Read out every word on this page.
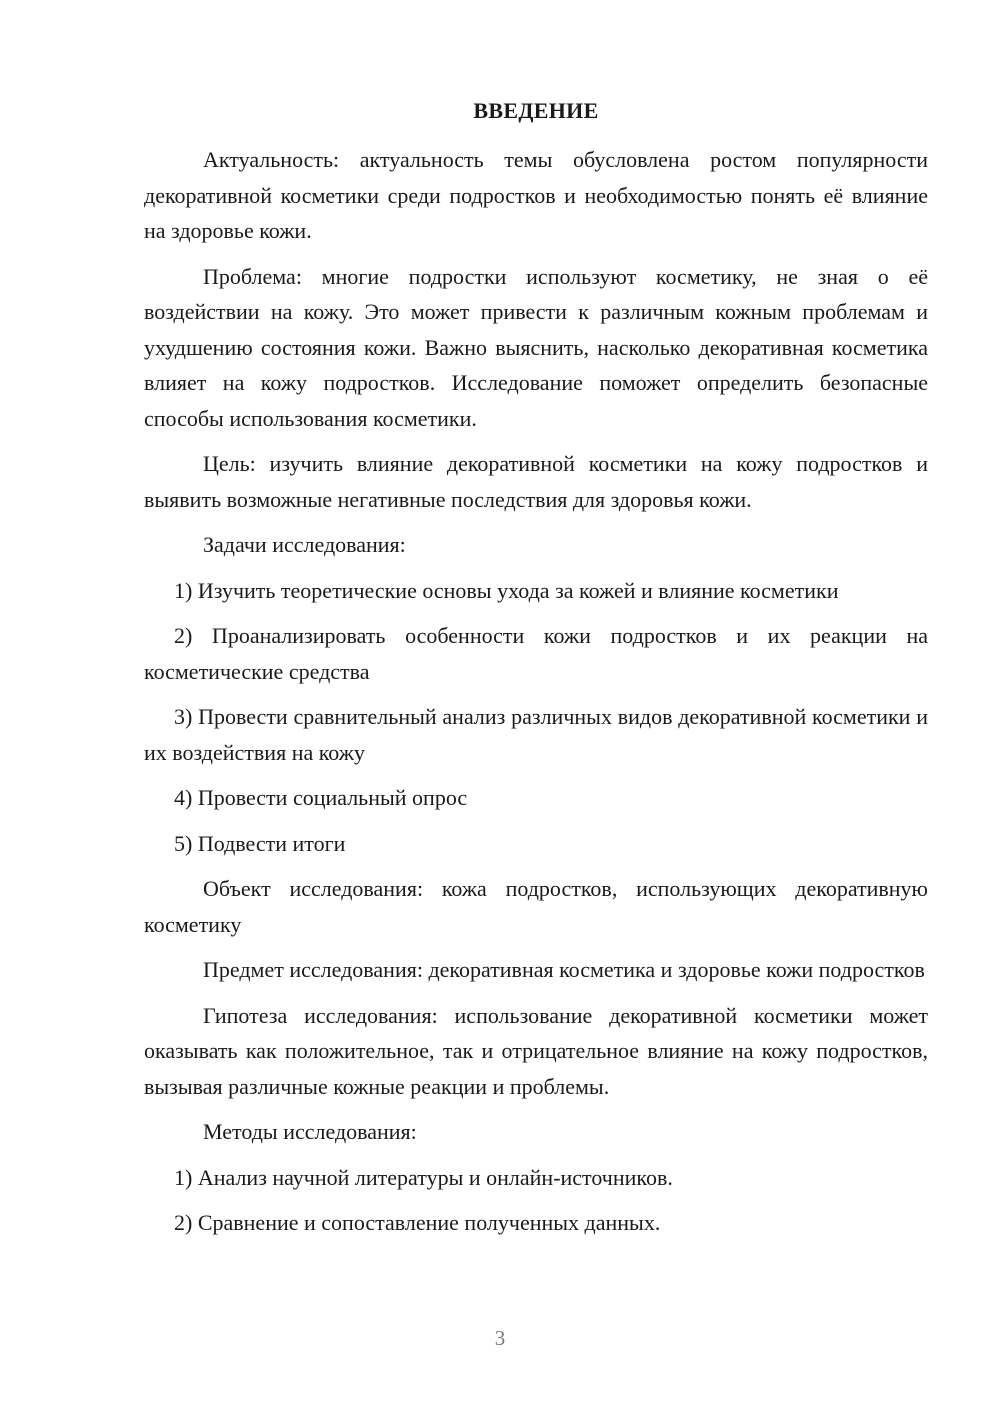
ВВЕДЕНИЕ

Актуальность: актуальность темы обусловлена ростом популярности декоративной косметики среди подростков и необходимостью понять её влияние на здоровье кожи.

Проблема: многие подростки используют косметику, не зная о её воздействии на кожу. Это может привести к различным кожным проблемам и ухудшению состояния кожи. Важно выяснить, насколько декоративная косметика влияет на кожу подростков. Исследование поможет определить безопасные способы использования косметики.

Цель: изучить влияние декоративной косметики на кожу подростков и выявить возможные негативные последствия для здоровья кожи.

Задачи исследования:

1) Изучить теоретические основы ухода за кожей и влияние косметики

2) Проанализировать особенности кожи подростков и их реакции на косметические средства

3) Провести сравнительный анализ различных видов декоративной косметики и их воздействия на кожу

4) Провести социальный опрос

5) Подвести итоги

Объект исследования: кожа подростков, использующих декоративную косметику

Предмет исследования: декоративная косметика и здоровье кожи подростков

Гипотеза исследования: использование декоративной косметики может оказывать как положительное, так и отрицательное влияние на кожу подростков, вызывая различные кожные реакции и проблемы.

Методы исследования:

1) Анализ научной литературы и онлайн-источников.

2) Сравнение и сопоставление полученных данных.

3
